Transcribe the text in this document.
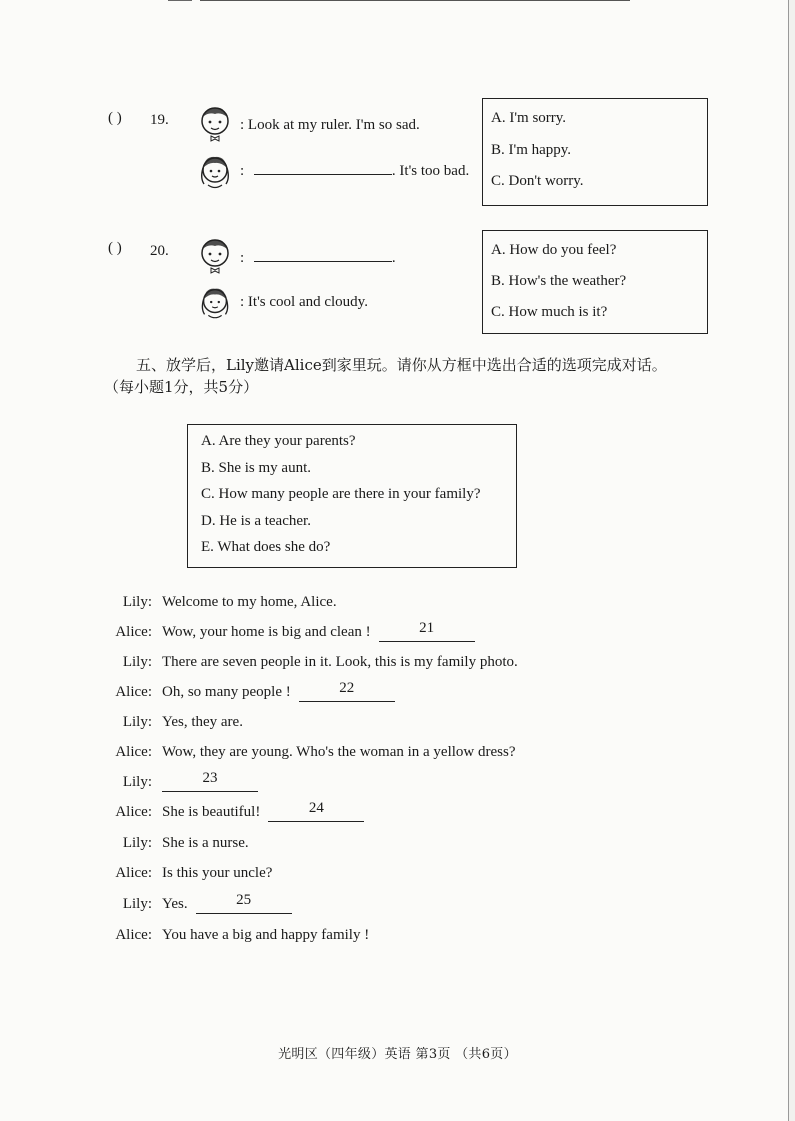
( ) 19.	: Look at my ruler. I'm so sad.
:	. It's too bad.
A. I'm sorry.
B. I'm happy.
C. Don't worry.
( ) 20.	:	.
: It's cool and cloudy.
A. How do you feel?
B. How's the weather?
C. How much is it?
五、放学后，Lily邀请Alice到家里玩。请你从方框中选出合适的选项完成对话。（每小题1分，共5分）
A. Are they your parents?
B. She is my aunt.
C. How many people are there in your family?
D. He is a teacher.
E. What does she do?
Lily: Welcome to my home, Alice.
Alice: Wow, your home is big and clean !	21
Lily: There are seven people in it. Look, this is my family photo.
Alice: Oh, so many people !	22
Lily: Yes, they are.
Alice: Wow, they are young. Who's the woman in a yellow dress?
Lily:	23
Alice: She is beautiful!	24
Lily: She is a nurse.
Alice: Is this your uncle?
Lily: Yes.	25
Alice: You have a big and happy family !
光明区（四年级）英语 第3页 （共6页）
